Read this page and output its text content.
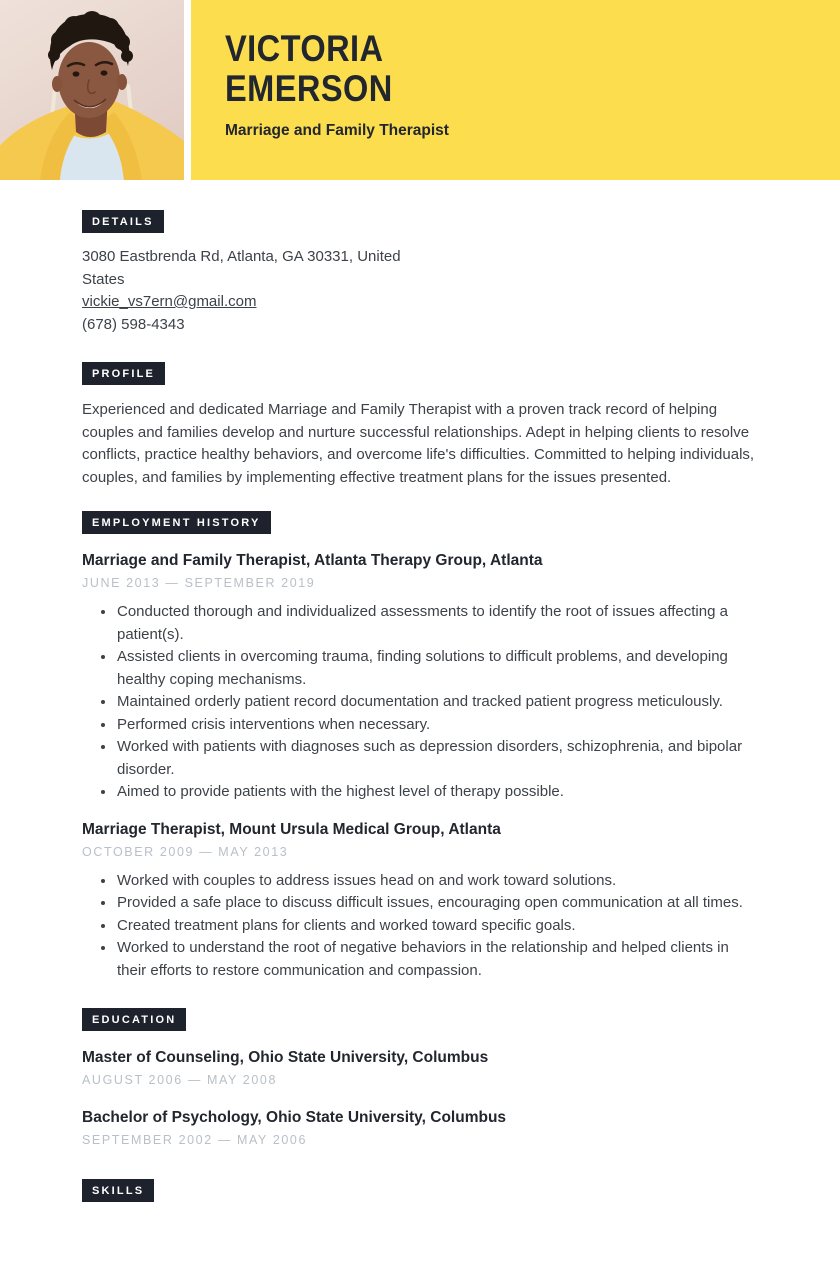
VICTORIA
EMERSON
Marriage and Family Therapist
DETAILS
3080 Eastbrenda Rd, Atlanta, GA 30331, United States
vickie_vs7ern@gmail.com
(678) 598-4343
PROFILE
Experienced and dedicated Marriage and Family Therapist with a proven track record of helping couples and families develop and nurture successful relationships. Adept in helping clients to resolve conflicts, practice healthy behaviors, and overcome life's difficulties. Committed to helping individuals, couples, and families by implementing effective treatment plans for the issues presented.
EMPLOYMENT HISTORY
Marriage and Family Therapist, Atlanta Therapy Group, Atlanta
JUNE 2013 — SEPTEMBER 2019
• Conducted thorough and individualized assessments to identify the root of issues affecting a patient(s).
• Assisted clients in overcoming trauma, finding solutions to difficult problems, and developing healthy coping mechanisms.
• Maintained orderly patient record documentation and tracked patient progress meticulously.
• Performed crisis interventions when necessary.
• Worked with patients with diagnoses such as depression disorders, schizophrenia, and bipolar disorder.
• Aimed to provide patients with the highest level of therapy possible.
Marriage Therapist, Mount Ursula Medical Group, Atlanta
OCTOBER 2009 — MAY 2013
• Worked with couples to address issues head on and work toward solutions.
• Provided a safe place to discuss difficult issues, encouraging open communication at all times.
• Created treatment plans for clients and worked toward specific goals.
• Worked to understand the root of negative behaviors in the relationship and helped clients in their efforts to restore communication and compassion.
EDUCATION
Master of Counseling, Ohio State University, Columbus
AUGUST 2006 — MAY 2008
Bachelor of Psychology, Ohio State University, Columbus
SEPTEMBER 2002 — MAY 2006
SKILLS
